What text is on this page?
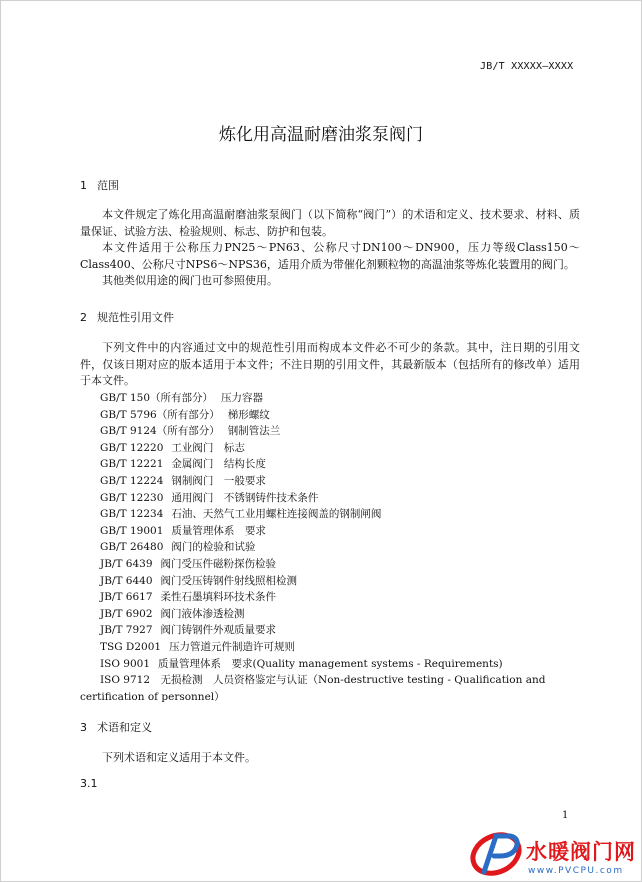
JB/T XXXXX—XXXX
炼化用高温耐磨油浆泵阀门
1 范围

本文件规定了炼化用高温耐磨油浆泵阀门（以下简称“阀门”）的术语和定义、技术要求、材料、质量保证、试验方法、检验规则、标志、防护和包装。

本文件适用于公称压力PN25～PN63、公称尺寸DN100～DN900，压力等级Class150～Class400、公称尺寸NPS6～NPS36，适用介质为带催化剂颗粒物的高温油浆等炼化装置用的阀门。

其他类似用途的阀门也可参照使用。

2 规范性引用文件

下列文件中的内容通过文中的规范性引用而构成本文件必不可少的条款。其中，注日期的引用文件，仅该日期对应的版本适用于本文件；不注日期的引用文件，其最新版本（包括所有的修改单）适用于本文件。

GB/T 150（所有部分） 压力容器
GB/T 5796（所有部分） 梯形螺纹
GB/T 9124（所有部分） 钢制管法兰
GB/T 12220 工业阀门　标志
GB/T 12221 金属阀门　结构长度
GB/T 12224 钢制阀门　一般要求
GB/T 12230 通用阀门　不锈钢铸件技术条件
GB/T 12234 石油、天然气工业用螺柱连接阀盖的钢制闸阀
GB/T 19001 质量管理体系　要求
GB/T 26480 阀门的检验和试验
JB/T 6439 阀门受压件磁粉探伤检验
JB/T 6440 阀门受压铸钢件射线照相检测
JB/T 6617 柔性石墨填料环技术条件
JB/T 6902 阀门液体渗透检测
JB/T 7927 阀门铸钢件外观质量要求
TSG D2001 压力管道元件制造许可规则
ISO 9001 质量管理体系　要求(Quality management systems - Requirements)
ISO 9712　无损检测　人员资格鉴定与认证（Non-destructive testing - Qualification and
certification of personnel）
3 术语和定义

下列术语和定义适用于本文件。

3.1
1
水暖阀门网
www.PVCPU.com
